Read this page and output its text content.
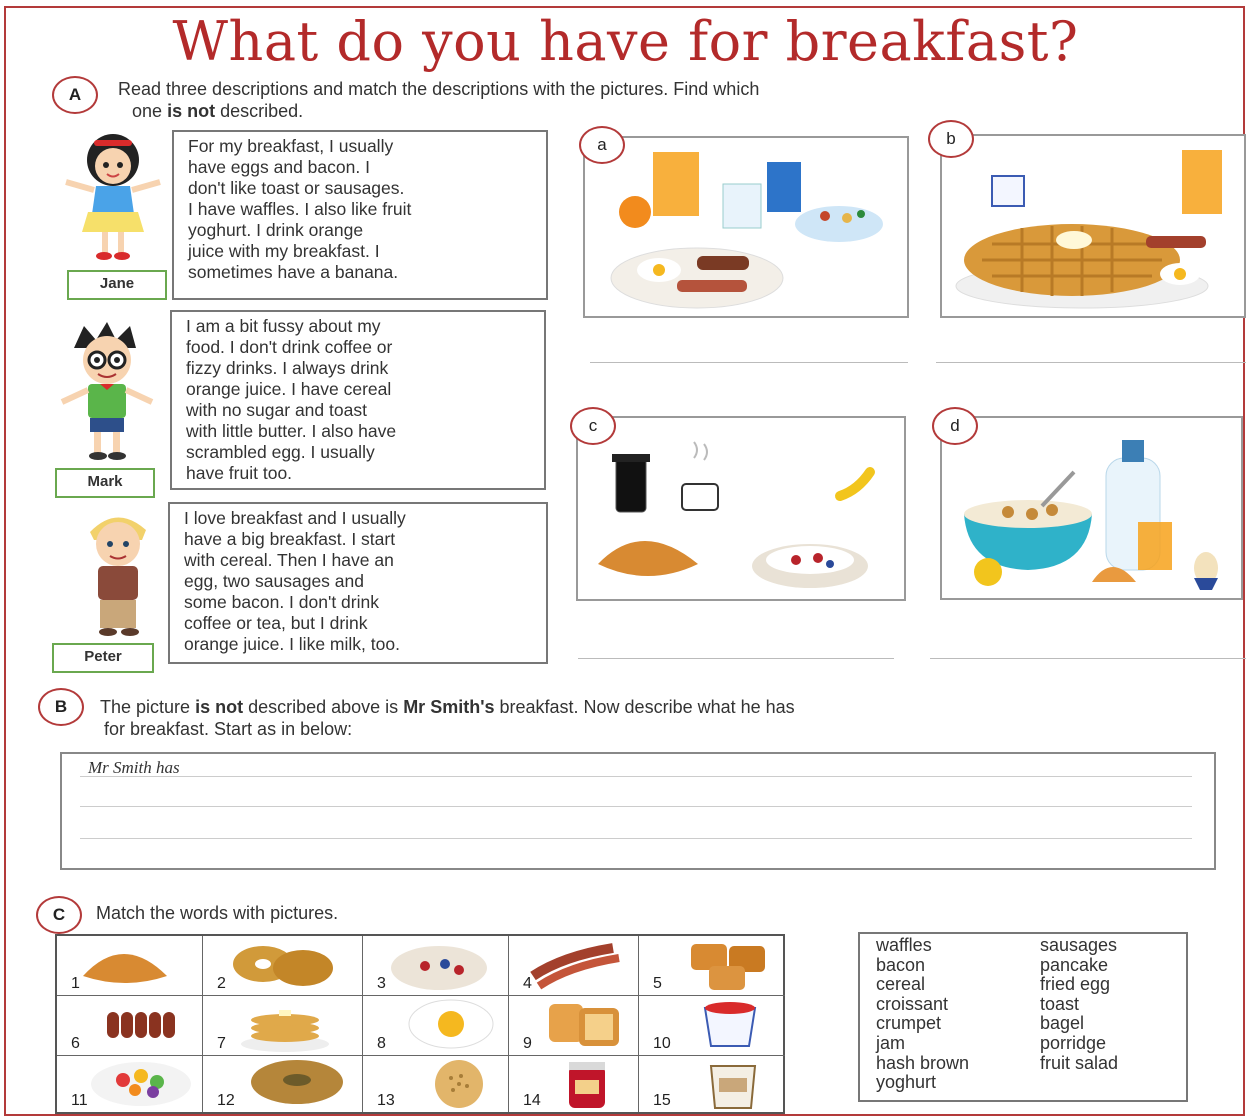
What do you have for breakfast?
A	Read three descriptions and match the descriptions with the pictures. Find which
one is not described.
Jane
For my breakfast, I usually
have eggs and bacon. I
don't like toast or sausages.
I have waffles. I also like fruit
yoghurt. I drink orange
juice with my breakfast. I
sometimes have a banana.
Mark
I am a bit fussy about my
food. I don't drink coffee or
fizzy drinks. I always drink
orange juice. I have cereal
with no sugar and toast
with little butter. I also have
scrambled egg. I usually
have fruit too.
Peter
I love breakfast and I usually
have a big breakfast. I start
with cereal. Then I have an
egg, two sausages and
some bacon. I don't drink
coffee or tea, but I drink
orange juice. I like milk, too.
a	b
c	d
B	The picture is not described above is Mr Smith's breakfast. Now describe what he has
for breakfast. Start as in below:
Mr Smith has
C	Match the words with pictures.
1	2	3	4	5
6	7	8	9	10
11	12	13	14	15
waffles
bacon
cereal
croissant
crumpet
jam
hash brown
yoghurt
sausages
pancake
fried egg
toast
bagel
porridge
fruit salad
